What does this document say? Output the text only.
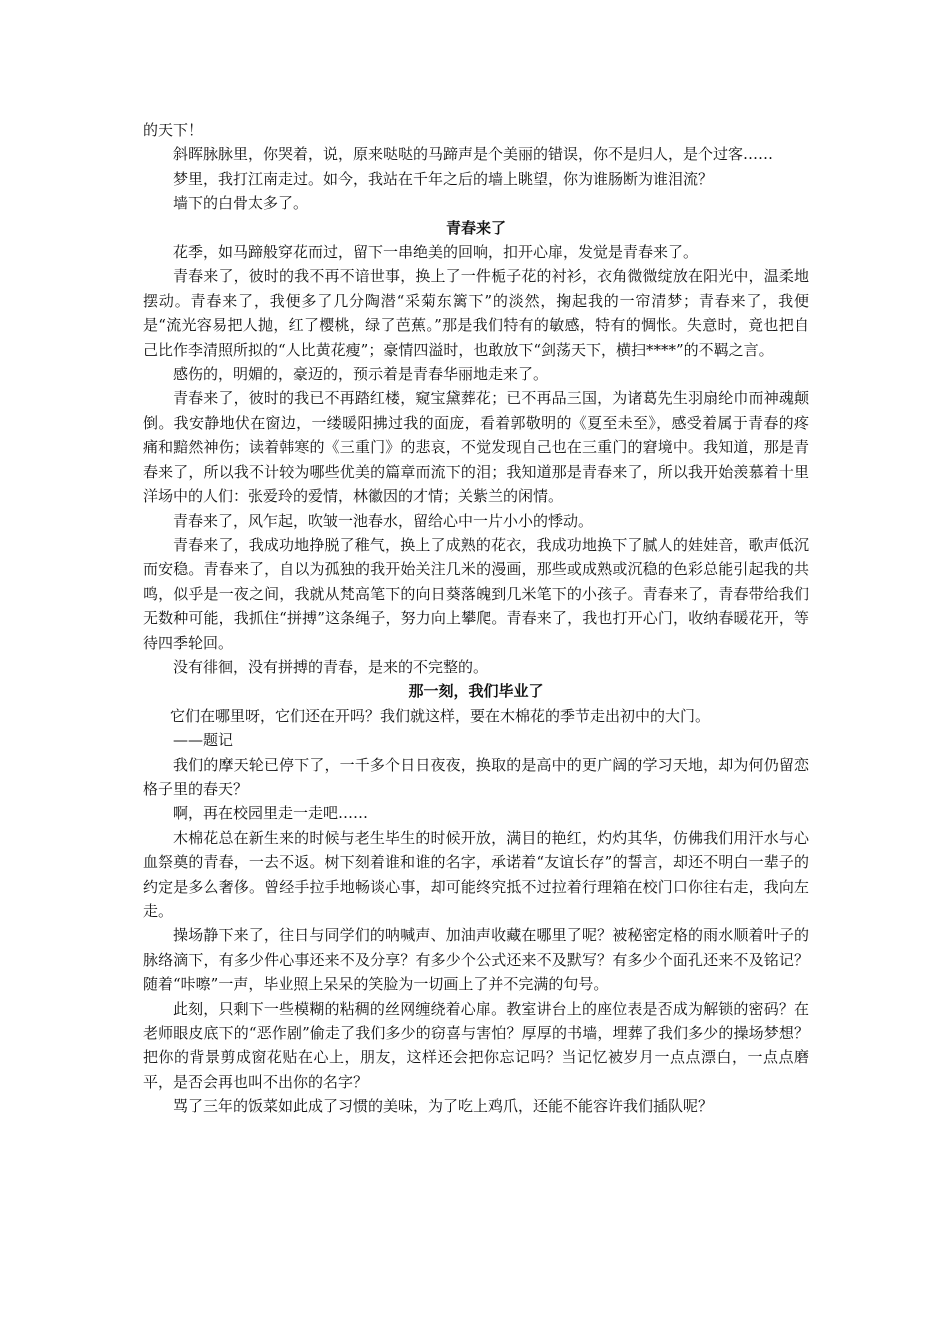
的天下！

斜晖脉脉里，你哭着，说，原来哒哒的马蹄声是个美丽的错误，你不是归人，是个过客……

梦里，我打江南走过。如今，我站在千年之后的墙上眺望，你为谁肠断为谁泪流？

墙下的白骨太多了。

青春来了

花季，如马蹄般穿花而过，留下一串绝美的回响，扣开心扉，发觉是青春来了。

青春来了，彼时的我不再不谙世事，换上了一件栀子花的衬衫，衣角微微绽放在阳光中，温柔地摆动。青春来了，我便多了几分陶潜“采菊东篱下”的淡然，掬起我的一帘清梦；青春来了，我便是“流光容易把人抛，红了樱桃，绿了芭蕉。”那是我们特有的敏感，特有的惆怅。失意时，竟也把自己比作李清照所拟的“人比黄花瘦”；豪情四溢时，也敢放下“剑荡天下，横扫****”的不羁之言。

感伤的，明媚的，豪迈的，预示着是青春华丽地走来了。

青春来了，彼时的我已不再踏红楼，窥宝黛葬花；已不再品三国，为诸葛先生羽扇纶巾而神魂颠倒。我安静地伏在窗边，一缕暖阳拂过我的面庞，看着郭敬明的《夏至未至》，感受着属于青春的疼痛和黯然神伤；读着韩寒的《三重门》的悲哀，不觉发现自己也在三重门的窘境中。我知道，那是青春来了，所以我不计较为哪些优美的篇章而流下的泪；我知道那是青春来了，所以我开始羡慕着十里洋场中的人们：张爱玲的爱情，林徽因的才情；关紫兰的闲情。

青春来了，风乍起，吹皱一池春水，留给心中一片小小的悸动。

青春来了，我成功地挣脱了稚气，换上了成熟的花衣，我成功地换下了腻人的娃娃音，歌声低沉而安稳。青春来了，自以为孤独的我开始关注几米的漫画，那些或成熟或沉稳的色彩总能引起我的共鸣，似乎是一夜之间，我就从梵高笔下的向日葵落魄到几米笔下的小孩子。青春来了，青春带给我们无数种可能，我抓住“拼搏”这条绳子，努力向上攀爬。青春来了，我也打开心门，收纳春暖花开，等待四季轮回。

没有徘徊，没有拼搏的青春，是来的不完整的。

那一刻，我们毕业了

它们在哪里呀，它们还在开吗？我们就这样，要在木棉花的季节走出初中的大门。

——题记

我们的摩天轮已停下了，一千多个日日夜夜，换取的是高中的更广阔的学习天地，却为何仍留恋格子里的春天？

啊，再在校园里走一走吧……

木棉花总在新生来的时候与老生毕生的时候开放，满目的艳红，灼灼其华，仿佛我们用汗水与心血祭奠的青春，一去不返。树下刻着谁和谁的名字，承诺着“友谊长存”的誓言，却还不明白一辈子的约定是多么奢侈。曾经手拉手地畅谈心事，却可能终究抵不过拉着行理箱在校门口你往右走，我向左走。

操场静下来了，往日与同学们的呐喊声、加油声收藏在哪里了呢？被秘密定格的雨水顺着叶子的脉络滴下，有多少件心事还来不及分享？有多少个公式还来不及默写？有多少个面孔还来不及铭记？随着“咔嚓”一声，毕业照上呆呆的笑脸为一切画上了并不完满的句号。

此刻，只剩下一些模糊的粘稠的丝网缠绕着心扉。教室讲台上的座位表是否成为解锁的密码？在老师眼皮底下的“恶作剧”偷走了我们多少的窃喜与害怕？厚厚的书墙，埋葬了我们多少的操场梦想？把你的背景剪成窗花贴在心上，朋友，这样还会把你忘记吗？当记忆被岁月一点点漂白，一点点磨平，是否会再也叫不出你的名字？

骂了三年的饭菜如此成了习惯的美味，为了吃上鸡爪，还能不能容许我们插队呢？
